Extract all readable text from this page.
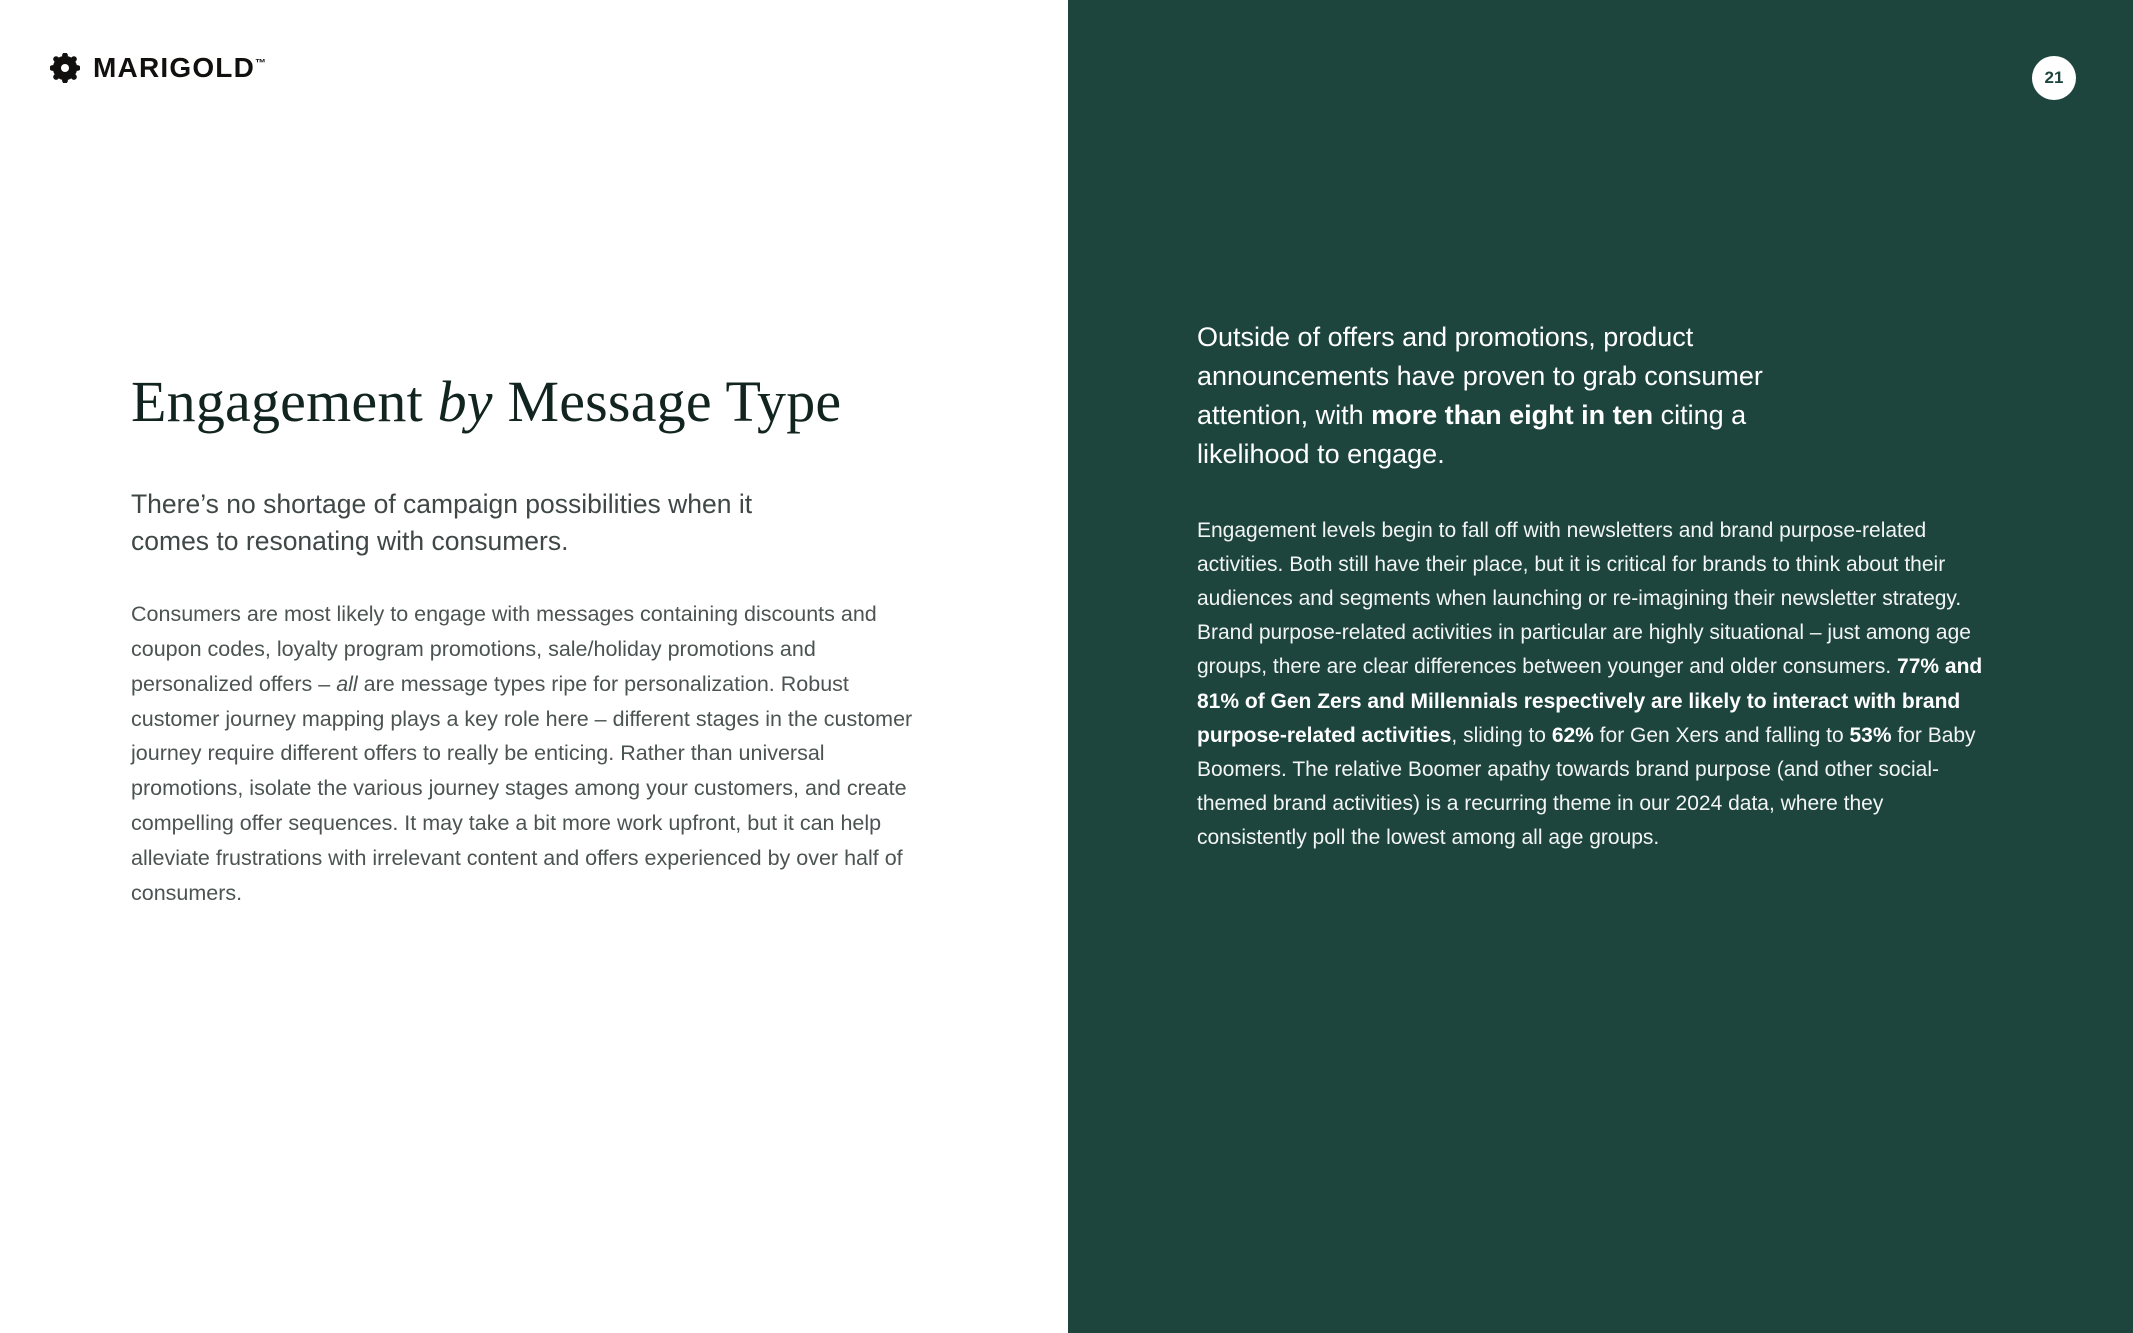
MARIGOLD™
Engagement by Message Type

There’s no shortage of campaign possibilities when it comes to resonating with consumers.

Consumers are most likely to engage with messages containing discounts and coupon codes, loyalty program promotions, sale/holiday promotions and personalized offers – all are message types ripe for personalization. Robust customer journey mapping plays a key role here – different stages in the customer journey require different offers to really be enticing. Rather than universal promotions, isolate the various journey stages among your customers, and create compelling offer sequences. It may take a bit more work upfront, but it can help alleviate frustrations with irrelevant content and offers experienced by over half of consumers.

21

Outside of offers and promotions, product announcements have proven to grab consumer attention, with more than eight in ten citing a likelihood to engage.

Engagement levels begin to fall off with newsletters and brand purpose-related activities. Both still have their place, but it is critical for brands to think about their audiences and segments when launching or re-imagining their newsletter strategy. Brand purpose-related activities in particular are highly situational – just among age groups, there are clear differences between younger and older consumers. 77% and 81% of Gen Zers and Millennials respectively are likely to interact with brand purpose-related activities, sliding to 62% for Gen Xers and falling to 53% for Baby Boomers. The relative Boomer apathy towards brand purpose (and other social-themed brand activities) is a recurring theme in our 2024 data, where they consistently poll the lowest among all age groups.
